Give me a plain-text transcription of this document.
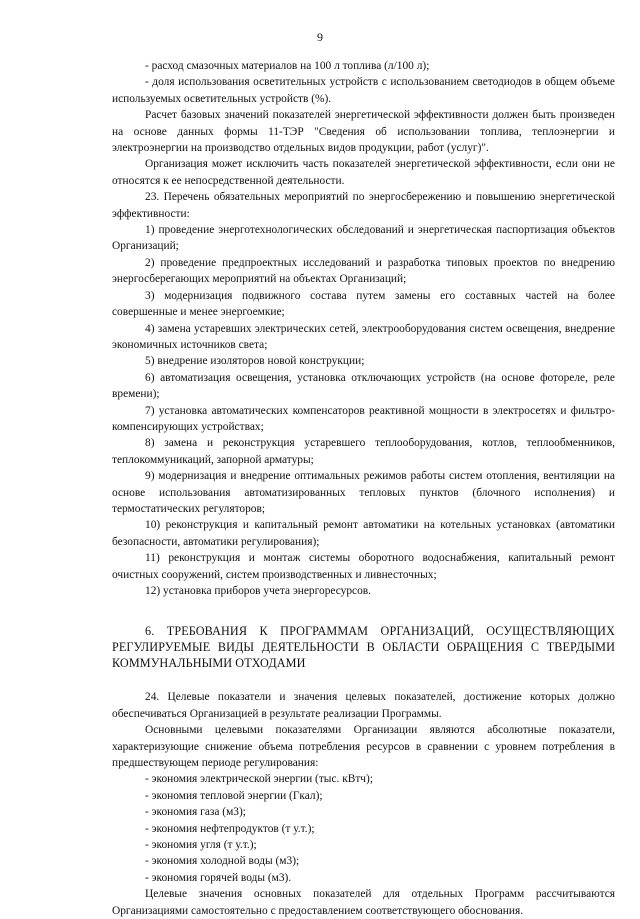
9

- расход смазочных материалов на 100 л топлива (л/100 л);

- доля использования осветительных устройств с использованием светодиодов в общем объеме используемых осветительных устройств (%).

Расчет базовых значений показателей энергетической эффективности должен быть произведен на основе данных формы 11-ТЭР "Сведения об использовании топлива, теплоэнергии и электроэнергии на производство отдельных видов продукции, работ (услуг)".

Организация может исключить часть показателей энергетической эффективности, если они не относятся к ее непосредственной деятельности.

23. Перечень обязательных мероприятий по энергосбережению и повышению энергетической эффективности:

1) проведение энерготехнологических обследований и энергетическая паспортизация объектов Организаций;

2) проведение предпроектных исследований и разработка типовых проектов по внедрению энергосберегающих мероприятий на объектах Организаций;

3) модернизация подвижного состава путем замены его составных частей на более совершенные и менее энергоемкие;

4) замена устаревших электрических сетей, электрооборудования систем освещения, внедрение экономичных источников света;

5) внедрение изоляторов новой конструкции;

6) автоматизация освещения, установка отключающих устройств (на основе фотореле, реле времени);

7) установка автоматических компенсаторов реактивной мощности в электросетях и фильтро-компенсирующих устройствах;

8) замена и реконструкция устаревшего теплооборудования, котлов, теплообменников, теплокоммуникаций, запорной арматуры;

9) модернизация и внедрение оптимальных режимов работы систем отопления, вентиляции на основе использования автоматизированных тепловых пунктов (блочного исполнения) и термостатических регуляторов;

10) реконструкция и капитальный ремонт автоматики на котельных установках (автоматики безопасности, автоматики регулирования);

11) реконструкция и монтаж системы оборотного водоснабжения, капитальный ремонт очистных сооружений, систем производственных и ливнесточных;

12) установка приборов учета энергоресурсов.

6. ТРЕБОВАНИЯ К ПРОГРАММАМ ОРГАНИЗАЦИЙ, ОСУЩЕСТВЛЯЮЩИХ РЕГУЛИРУЕМЫЕ ВИДЫ ДЕЯТЕЛЬНОСТИ В ОБЛАСТИ ОБРАЩЕНИЯ С ТВЕРДЫМИ КОММУНАЛЬНЫМИ ОТХОДАМИ

24. Целевые показатели и значения целевых показателей, достижение которых должно обеспечиваться Организацией в результате реализации Программы.

Основными целевыми показателями Организации являются абсолютные показатели, характеризующие снижение объема потребления ресурсов в сравнении с уровнем потребления в предшествующем периоде регулирования:

- экономия электрической энергии (тыс. кВтч);

- экономия тепловой энергии (Гкал);

- экономия газа (м3);

- экономия нефтепродуктов (т у.т.);

- экономия угля (т у.т.);

- экономия холодной воды (м3);

- экономия горячей воды (м3).

Целевые значения основных показателей для отдельных Программ рассчитываются Организациями самостоятельно с предоставлением соответствующего обоснования.
